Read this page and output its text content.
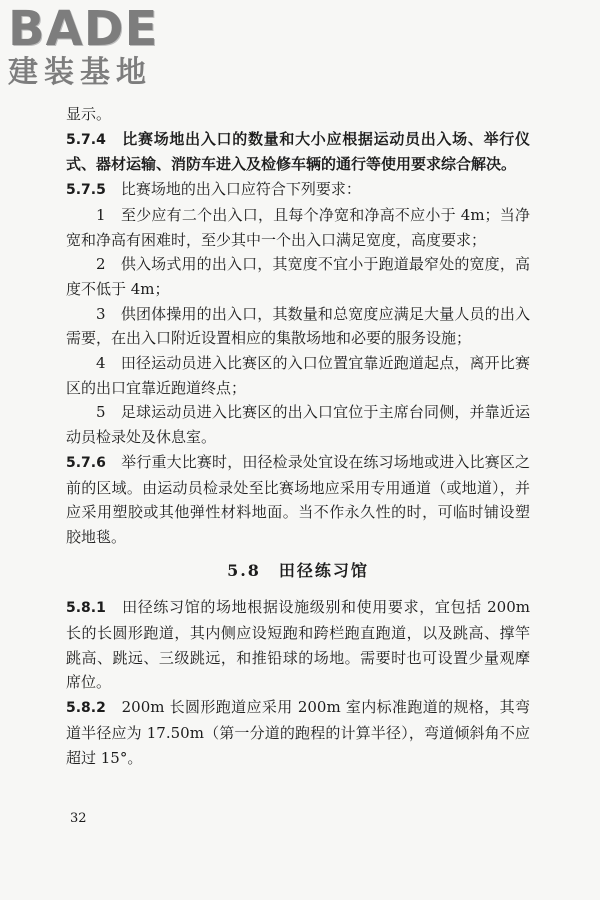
BADE
建装基地

显示。

5.7.4　 比赛场地出入口的数量和大小应根据运动员出入场、举行仪式、器材运输、消防车进入及检修车辆的通行等使用要求综合解决。

5.7.5　 比赛场地的出入口应符合下列要求：

1　至少应有二个出入口，且每个净宽和净高不应小于 4m；当净宽和净高有困难时，至少其中一个出入口满足宽度，高度要求；

2　供入场式用的出入口，其宽度不宜小于跑道最窄处的宽度，高度不低于 4m；

3　供团体操用的出入口，其数量和总宽度应满足大量人员的出入需要，在出入口附近设置相应的集散场地和必要的服务设施；

4　田径运动员进入比赛区的入口位置宜靠近跑道起点，离开比赛区的出口宜靠近跑道终点；

5　足球运动员进入比赛区的出入口宜位于主席台同侧，并靠近运动员检录处及休息室。

5.7.6　 举行重大比赛时，田径检录处宜设在练习场地或进入比赛区之前的区域。由运动员检录处至比赛场地应采用专用通道（或地道），并应采用塑胶或其他弹性材料地面。当不作永久性的时，可临时铺设塑胶地毯。

5.8　 田径练习馆

5.8.1　 田径练习馆的场地根据设施级别和使用要求，宜包括 200m 长的长圆形跑道，其内侧应设短跑和跨栏跑直跑道，以及跳高、撑竿跳高、跳远、三级跳远，和推铅球的场地。需要时也可设置少量观摩席位。

5.8.2　 200m 长圆形跑道应采用 200m 室内标准跑道的规格，其弯道半径应为 17.50m（第一分道的跑程的计算半径），弯道倾斜角不应超过 15°。

32
